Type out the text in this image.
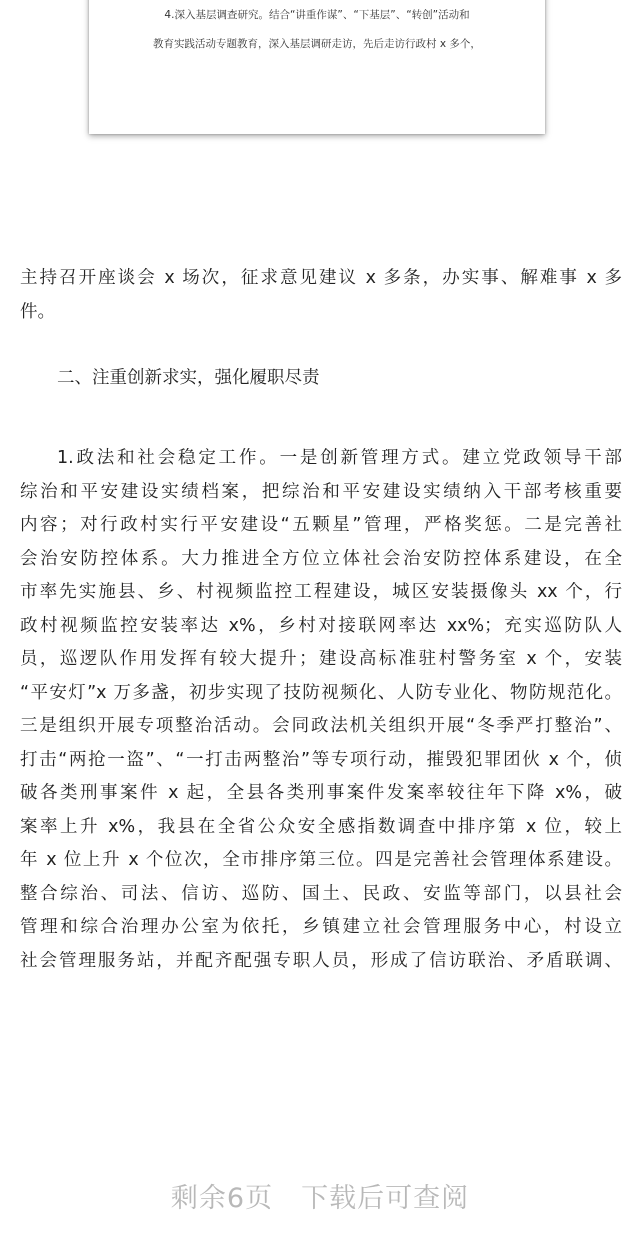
4.深入基层调查研究。结合“讲重作谋”、“下基层”、“转创”活动和
教育实践活动专题教育，深入基层调研走访，先后走访行政村 x 多个，
主持召开座谈会 x 场次，征求意见建议 x 多条，办实事、解难事 x 多
件。
二、注重创新求实，强化履职尽责
1.政法和社会稳定工作。一是创新管理方式。建立党政领导干部
综治和平安建设实绩档案，把综治和平安建设实绩纳入干部考核重要
内容；对行政村实行平安建设“五颗星”管理，严格奖惩。二是完善社
会治安防控体系。大力推进全方位立体社会治安防控体系建设，在全
市率先实施县、乡、村视频监控工程建设，城区安装摄像头 xx 个，行
政村视频监控安装率达 x%，乡村对接联网率达 xx%；充实巡防队人
员，巡逻队作用发挥有较大提升；建设高标准驻村警务室 x 个，安装
“平安灯”x 万多盏，初步实现了技防视频化、人防专业化、物防规范化。
三是组织开展专项整治活动。会同政法机关组织开展“冬季严打整治”、
打击“两抢一盗”、“一打击两整治”等专项行动，摧毁犯罪团伙 x 个，侦
破各类刑事案件 x 起，全县各类刑事案件发案率较往年下降 x%，破
案率上升 x%，我县在全省公众安全感指数调查中排序第 x 位，较上
年 x 位上升 x 个位次，全市排序第三位。四是完善社会管理体系建设。
整合综治、司法、信访、巡防、国土、民政、安监等部门，以县社会
管理和综合治理办公室为依托，乡镇建立社会管理服务中心，村设立
社会管理服务站，并配齐配强专职人员，形成了信访联治、矛盾联调、
剩余6页　下载后可查阅
